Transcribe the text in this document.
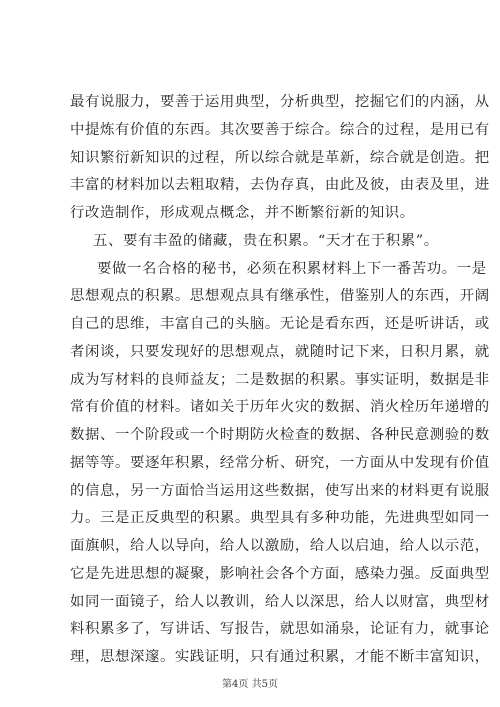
最有说服力，要善于运用典型，分析典型，挖掘它们的内涵，从
中提炼有价值的东西。其次要善于综合。综合的过程，是用已有
知识繁衍新知识的过程，所以综合就是革新，综合就是创造。把
丰富的材料加以去粗取精，去伪存真，由此及彼，由表及里，进
行改造制作，形成观点概念，并不断繁衍新的知识。
五、要有丰盈的储藏，贵在积累。“天才在于积累”。
要做一名合格的秘书，必须在积累材料上下一番苦功。一是
思想观点的积累。思想观点具有继承性，借鉴别人的东西，开阔
自己的思维，丰富自己的头脑。无论是看东西，还是听讲话，或
者闲谈，只要发现好的思想观点，就随时记下来，日积月累，就
成为写材料的良师益友；二是数据的积累。事实证明，数据是非
常有价值的材料。诸如关于历年火灾的数据、消火栓历年递增的
数据、一个阶段或一个时期防火检查的数据、各种民意测验的数
据等等。要逐年积累，经常分析、研究，一方面从中发现有价值
的信息，另一方面恰当运用这些数据，使写出来的材料更有说服
力。三是正反典型的积累。典型具有多种功能，先进典型如同一
面旗帜，给人以导向，给人以激励，给人以启迪，给人以示范，
它是先进思想的凝聚，影响社会各个方面，感染力强。反面典型
如同一面镜子，给人以教训，给人以深思，给人以财富，典型材
料积累多了，写讲话、写报告，就思如涌泉，论证有力，就事论
理，思想深邃。实践证明，只有通过积累，才能不断丰富知识，
第4页 共5页
